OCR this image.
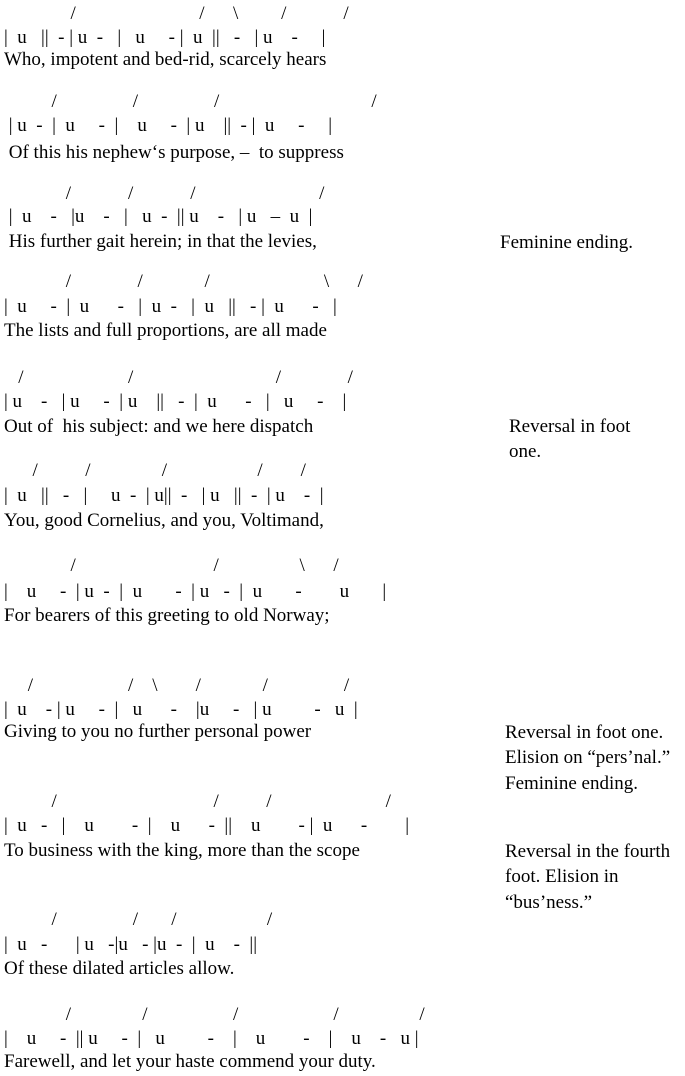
/                          /      \         /            /
|  u   ||  - | u  -   |   u     - |  u  ||   -   | u    -     |
Who, impotent and bed-rid, scarcely hears
/                /                /                                /
| u  -  |  u     -  |    u     -  | u    ||  - |  u     -     |
Of this his nephewʻs purpose, –  to suppress
/            /            /                          /
|  u    -   |u    -   |   u  -  || u    -   | u   –  u  |
His further gait herein; in that the levies,	Feminine ending.
/              /             /                        \      /
|  u     -  |  u      -   |  u  -   |  u   ||   - |  u      -   |
The lists and full proportions, are all made
/                      /                              /              /
| u    -   | u     -  | u    ||   -  |  u      -   |   u     -    |
Out of  his subject: and we here dispatch	Reversal in foot
one.
/          /               /                   /        /
|  u   ||   -   |     u  -  | u||  -   | u   ||  -  | u    -  |
You, good Cornelius, and you, Voltimand,
/                             /                 \      /
|    u     -  | u  -  |  u       -  | u   -  |  u       -        u       |
For bearers of this greeting to old Norway;
/                    /    \        /             /                /
|  u    - | u     -  |   u      -    |u     -   | u         -   u  |
Giving to you no further personal power	Reversal in foot one.
Elision on “pers’nal.”
Feminine ending.
/                                 /          /                        /
|  u   -   |    u        -  |    u      -  ||    u        - |  u      -        |
To business with the king, more than the scope	Reversal in the fourth
foot. Elision in
“bus’ness.”
/                /       /                   /
|  u   -      | u   -|u   - |u  -  |  u    -  ||
Of these dilated articles allow.
/               /                  /                    /                 /
|    u     -  || u     -  |   u         -    |    u        -    |    u    -   u |
Farewell, and let your haste commend your duty.
